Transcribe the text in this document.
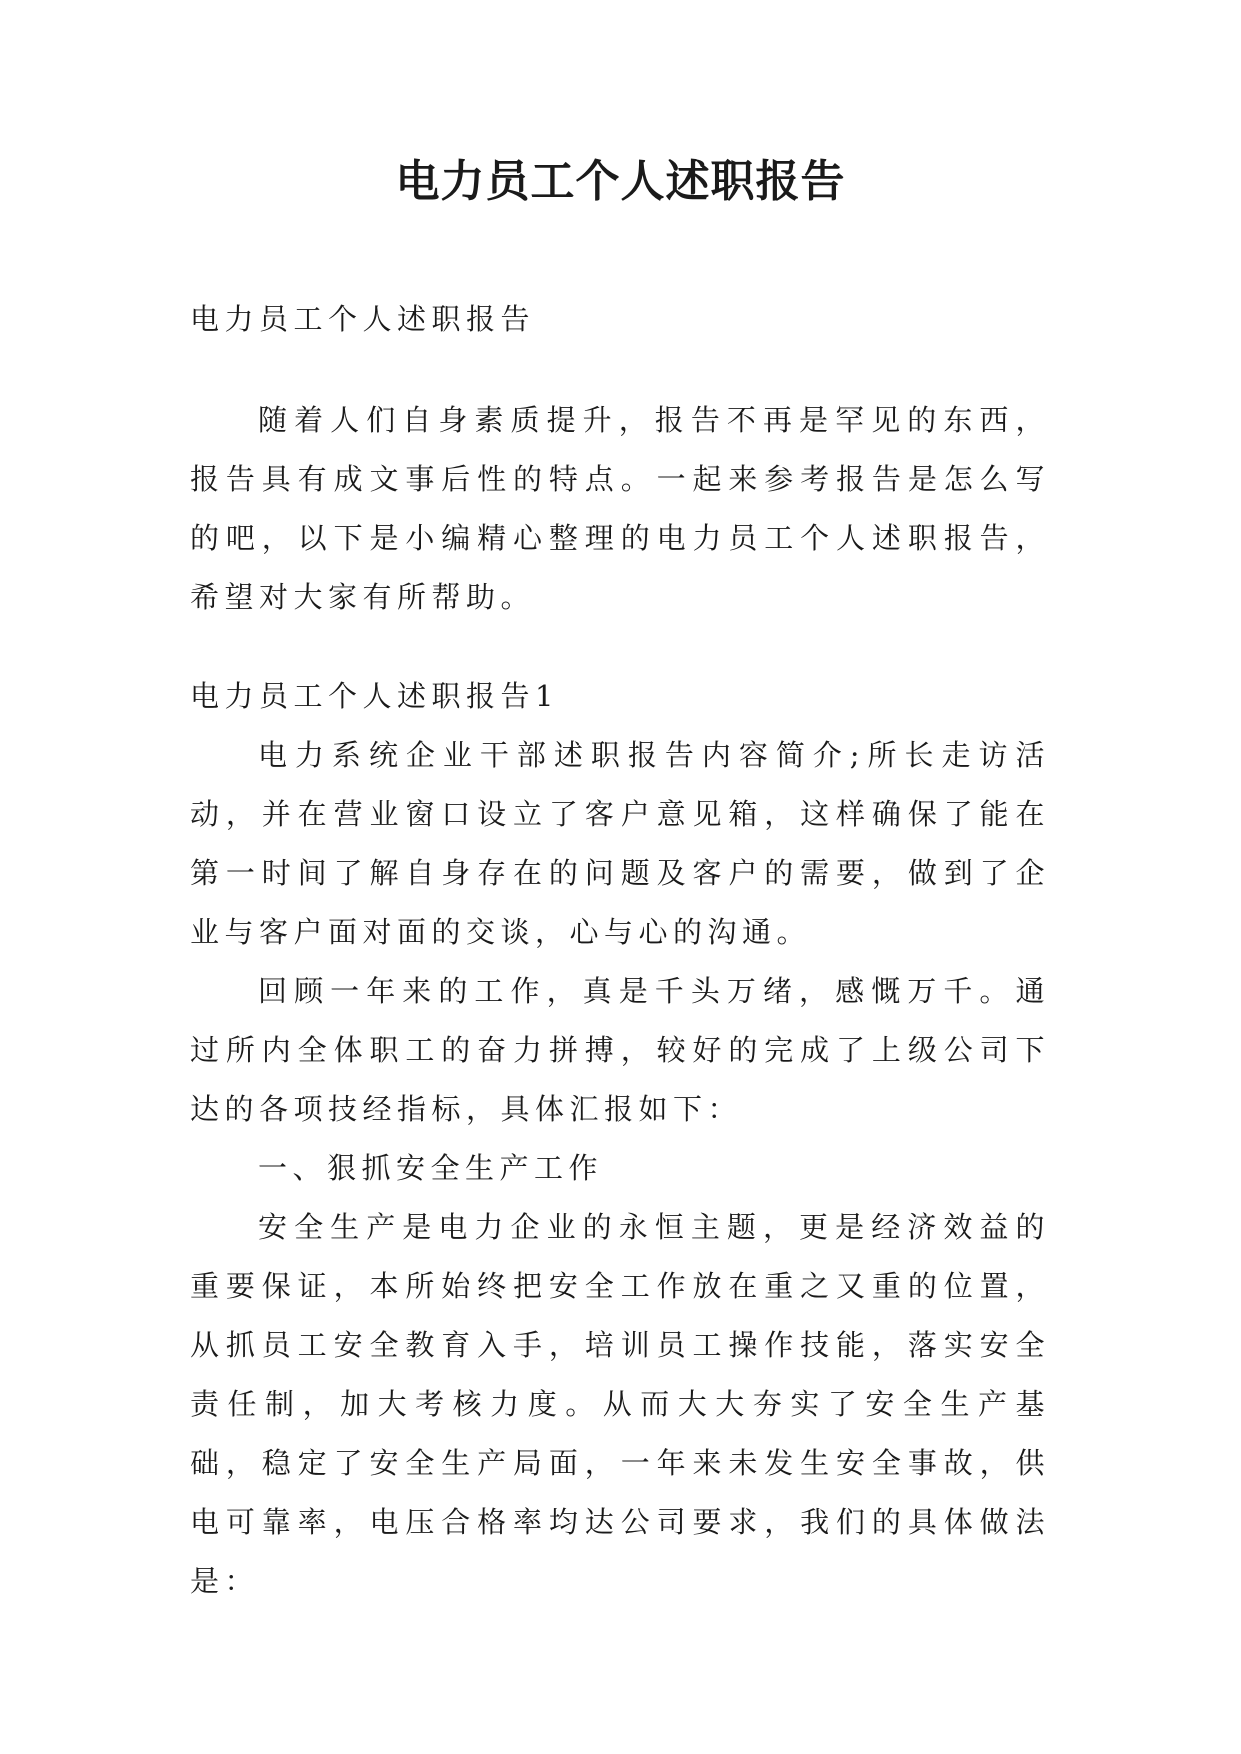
电力员工个人述职报告

电力员工个人述职报告

随着人们自身素质提升，报告不再是罕见的东西，报告具有成文事后性的特点。一起来参考报告是怎么写的吧，以下是小编精心整理的电力员工个人述职报告，希望对大家有所帮助。

电力员工个人述职报告1

电力系统企业干部述职报告内容简介;所长走访活动，并在营业窗口设立了客户意见箱，这样确保了能在第一时间了解自身存在的问题及客户的需要，做到了企业与客户面对面的交谈，心与心的沟通。

回顾一年来的工作，真是千头万绪，感慨万千。通过所内全体职工的奋力拼搏，较好的完成了上级公司下达的各项技经指标，具体汇报如下：

一、狠抓安全生产工作

安全生产是电力企业的永恒主题，更是经济效益的重要保证，本所始终把安全工作放在重之又重的位置，从抓员工安全教育入手，培训员工操作技能，落实安全责任制，加大考核力度。从而大大夯实了安全生产基础，稳定了安全生产局面，一年来未发生安全事故，供电可靠率，电压合格率均达公司要求，我们的具体做法是：
